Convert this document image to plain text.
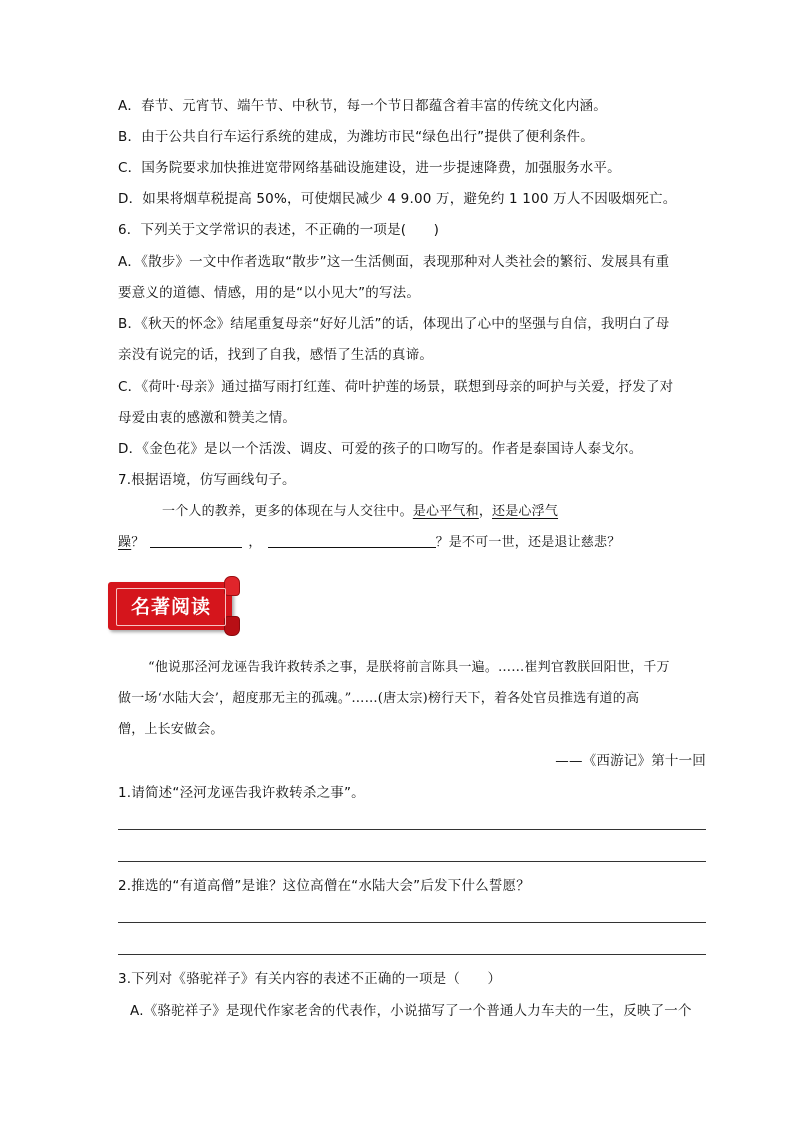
A．春节、元宵节、端午节、中秋节，每一个节日都蕴含着丰富的传统文化内涵。
B．由于公共自行车运行系统的建成，为潍坊市民“绿色出行”提供了便利条件。
C．国务院要求加快推进宽带网络基础设施建设，进一步提速降费，加强服务水平。
D．如果将烟草税提高 50%，可使烟民减少 4 9.00 万，避免约 1 100 万人不因吸烟死亡。
6．下列关于文学常识的表述，不正确的一项是(　　)
A．《散步》一文中作者选取“散步”这一生活侧面，表现那种对人类社会的繁衍、发展具有重
要意义的道德、情感，用的是“以小见大”的写法。
B．《秋天的怀念》结尾重复母亲“好好儿活”的话，体现出了心中的坚强与自信，我明白了母
亲没有说完的话，找到了自我，感悟了生活的真谛。
C．《荷叶·母亲》通过描写雨打红莲、荷叶护莲的场景，联想到母亲的呵护与关爱，抒发了对
母爱由衷的感激和赞美之情。
D．《金色花》是以一个活泼、调皮、可爱的孩子的口吻写的。作者是泰国诗人泰戈尔。
7.根据语境，仿写画线句子。
一个人的教养，更多的体现在与人交往中。是心平气和，还是心浮气
躁？	，	？是不可一世，还是退让慈悲？
名著阅读
“他说那泾河龙诬告我许救转杀之事，是朕将前言陈具一遍。……崔判官教朕回阳世，千万
做一场‘水陆大会’，超度那无主的孤魂。”……(唐太宗)榜行天下，着各处官员推选有道的高
僧，上长安做会。
——《西游记》第十一回
1.请简述“泾河龙诬告我许救转杀之事”。
2.推选的“有道高僧”是谁？这位高僧在“水陆大会”后发下什么誓愿？
3.下列对《骆驼祥子》有关内容的表述不正确的一项是（　　）
A.《骆驼祥子》是现代作家老舍的代表作，小说描写了一个普通人力车夫的一生，反映了一个
